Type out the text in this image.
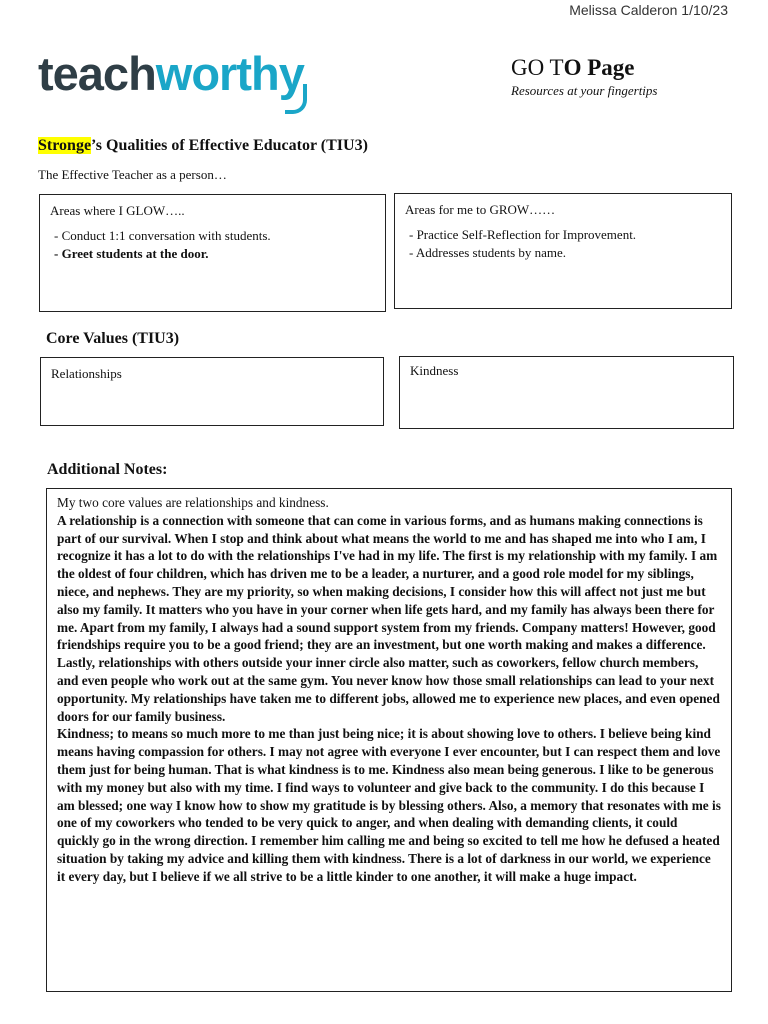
Melissa Calderon 1/10/23
teachworthy	GO TO Page
Resources at your fingertips
Stronge’s Qualities of Effective Educator (TIU3)
The Effective Teacher as a person…
Areas where I GLOW…..
- Conduct 1:1 conversation with students.
- Greet students at the door.
Areas for me to GROW……
- Practice Self-Reflection for Improvement.
- Addresses students by name.
Core Values (TIU3)
Relationships	Kindness
Additional Notes:

My two core values are relationships and kindness.

A relationship is a connection with someone that can come in various forms, and as humans making connections is part of our survival. When I stop and think about what means the world to me and has shaped me into who I am, I recognize it has a lot to do with the relationships I've had in my life. The first is my relationship with my family. I am the oldest of four children, which has driven me to be a leader, a nurturer, and a good role model for my siblings, niece, and nephews. They are my priority, so when making decisions, I consider how this will affect not just me but also my family. It matters who you have in your corner when life gets hard, and my family has always been there for me. Apart from my family, I always had a sound support system from my friends. Company matters! However, good friendships require you to be a good friend; they are an investment, but one worth making and makes a difference. Lastly, relationships with others outside your inner circle also matter, such as coworkers, fellow church members, and even people who work out at the same gym. You never know how those small relationships can lead to your next opportunity. My relationships have taken me to different jobs, allowed me to experience new places, and even opened doors for our family business.

Kindness; to means so much more to me than just being nice; it is about showing love to others. I believe being kind means having compassion for others. I may not agree with everyone I ever encounter, but I can respect them and love them just for being human. That is what kindness is to me. Kindness also mean being generous. I like to be generous with my money but also with my time. I find ways to volunteer and give back to the community. I do this because I am blessed; one way I know how to show my gratitude is by blessing others. Also, a memory that resonates with me is one of my coworkers who tended to be very quick to anger, and when dealing with demanding clients, it could quickly go in the wrong direction. I remember him calling me and being so excited to tell me how he defused a heated situation by taking my advice and killing them with kindness. There is a lot of darkness in our world, we experience it every day, but I believe if we all strive to be a little kinder to one another, it will make a huge impact.
